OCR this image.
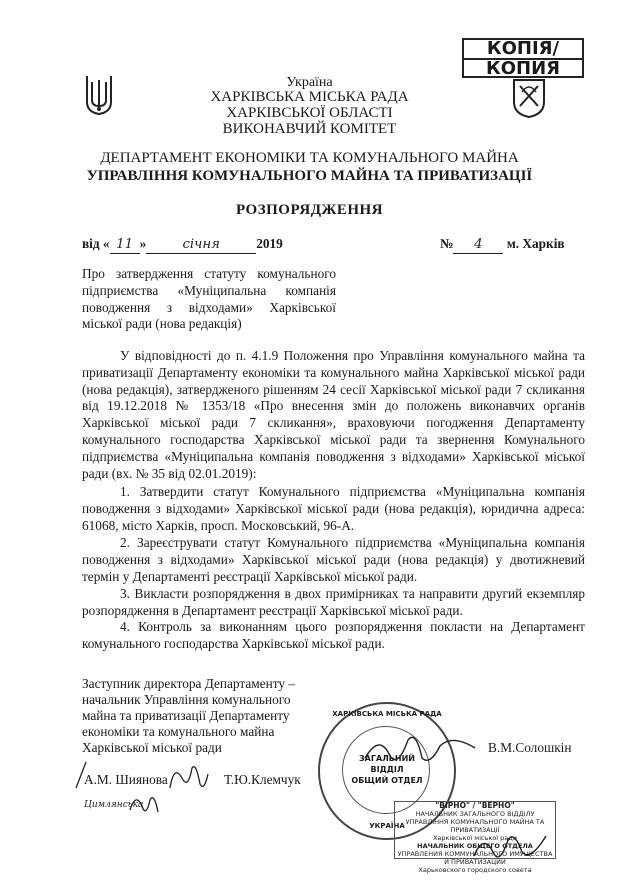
КОПІЯ/
КОПИЯ
Україна
ХАРКІВСЬКА МІСЬКА РАДА
ХАРКІВСЬКОЇ ОБЛАСТІ
ВИКОНАВЧИЙ КОМІТЕТ
ДЕПАРТАМЕНТ ЕКОНОМІКИ ТА КОМУНАЛЬНОГО МАЙНА
УПРАВЛІННЯ КОМУНАЛЬНОГО МАЙНА ТА ПРИВАТИЗАЦІЇ
РОЗПОРЯДЖЕННЯ
від « 11 »	січня	2019	№ 4 м. Харків
Про затвердження статуту комунального підприємства «Муніципальна компанія поводження з відходами» Харківської міської ради (нова редакція)
У відповідності до п. 4.1.9 Положення про Управління комунального майна та приватизації Департаменту економіки та комунального майна Харківської міської ради (нова редакція), затвердженого рішенням 24 сесії Харківської міської ради 7 скликання від 19.12.2018 № 1353/18 «Про внесення змін до положень виконавчих органів Харківської міської ради 7 скликання», враховуючи погодження Департаменту комунального господарства Харківської міської ради та звернення Комунального підприємства «Муніципальна компанія поводження з відходами» Харківської міської ради (вх. № 35 від 02.01.2019):
1. Затвердити статут Комунального підприємства «Муніципальна компанія поводження з відходами» Харківської міської ради (нова редакція), юридична адреса: 61068, місто Харків, просп. Московський, 96-А.
2. Зареєструвати статут Комунального підприємства «Муніципальна компанія поводження з відходами» Харківської міської ради (нова редакція) у двотижневий термін у Департаменті реєстрації Харківської міської ради.
3. Викласти розпорядження в двох примірниках та направити другий екземпляр розпорядження в Департамент реєстрації Харківської міської ради.
4. Контроль за виконанням цього розпорядження покласти на Департамент комунального господарства Харківської міської ради.
Заступник директора Департаменту –
начальник Управління комунального
майна та приватизації Департаменту
економіки та комунального майна
Харківської міської ради	В.М.Солошкін
ХАРКІВСЬКА МІСЬКА РАДА
ЗАГАЛЬНИЙ
ВІДДІЛ
ОБЩИЙ ОТДЕЛ
УКРАЇНА
А.М. Шиянова	Т.Ю.Клемчук
Цимлянська	"ВІРНО" / "ВЕРНО"
НАЧАЛЬНИК ЗАГАЛЬНОГО ВІДДІЛУ
УПРАВЛІННЯ КОМУНАЛЬНОГО МАЙНА ТА ПРИВАТИЗАЦІЇ
Харківської міської ради
НАЧАЛЬНИК ОБЩЕГО ОТДЕЛА
УПРАВЛЕНИЯ КОММУНАЛЬНОГО ИМУЩЕСТВА И ПРИВАТИЗАЦИИ
Харьковского городского совета
